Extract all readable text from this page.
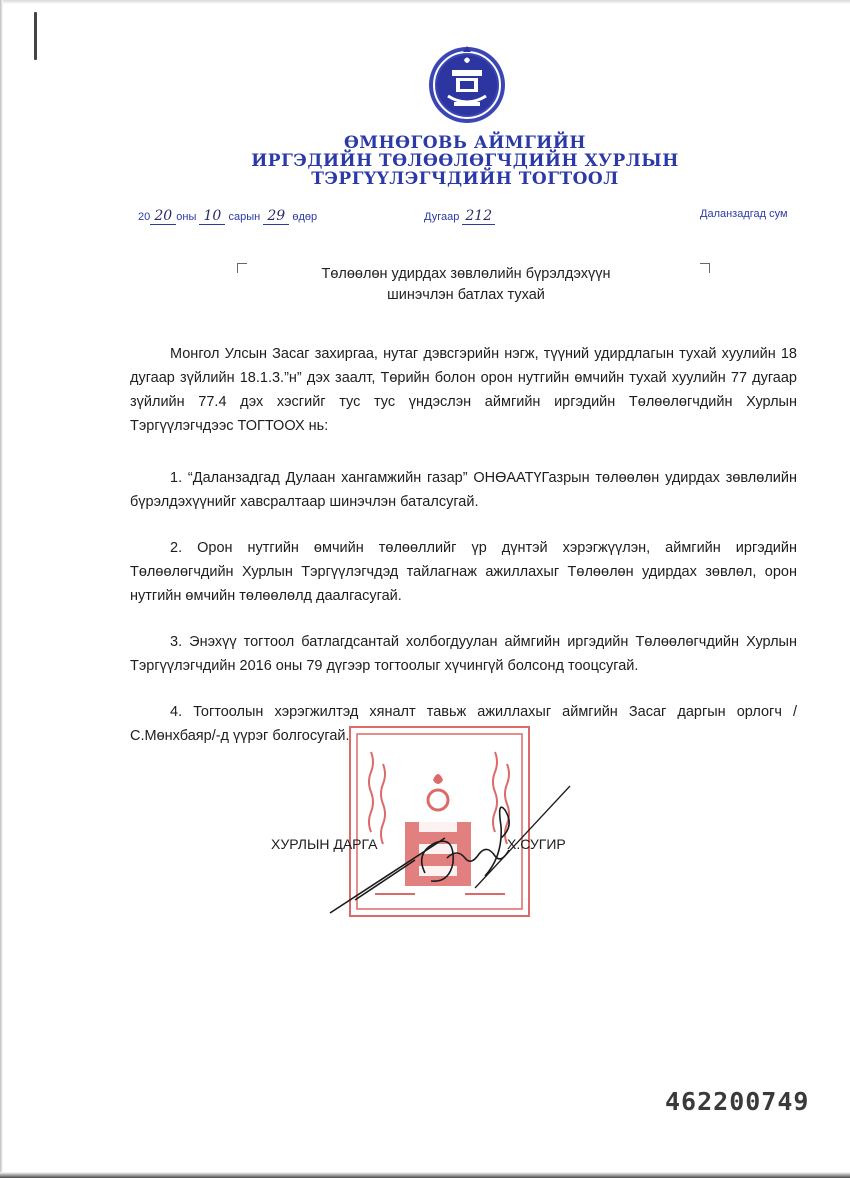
ӨМНӨГОВЬ АЙМГИЙН
ИРГЭДИЙН ТӨЛӨӨЛӨГЧДИЙН ХУРЛЫН
ТЭРГҮҮЛЭГЧДИЙН ТОГТООЛ
20 20 оны 10 сарын 29 өдөр	Дугаар 212	Даланзадгад сум
Төлөөлөн удирдах зөвлөлийн бүрэлдэхүүн
шинэчлэн батлах тухай
Монгол Улсын Засаг захиргаа, нутаг дэвсгэрийн нэгж, түүний удирдлагын тухай хуулийн 18 дугаар зүйлийн 18.1.3.”н” дэх заалт, Төрийн болон орон нутгийн өмчийн тухай хуулийн 77 дугаар зүйлийн 77.4 дэх хэсгийг тус тус үндэслэн аймгийн иргэдийн Төлөөлөгчдийн Хурлын Тэргүүлэгчдээс ТОГТООХ нь:
1. “Даланзадгад Дулаан хангамжийн газар” ОНӨААТҮГазрын төлөөлөн удирдах зөвлөлийн бүрэлдэхүүнийг хавсралтаар шинэчлэн баталсугай.
2. Орон нутгийн өмчийн төлөөллийг үр дүнтэй хэрэгжүүлэн, аймгийн иргэдийн Төлөөлөгчдийн Хурлын Тэргүүлэгчдэд тайлагнаж ажиллахыг Төлөөлөн удирдах зөвлөл, орон нутгийн өмчийн төлөөлөлд даалгасугай.
3. Энэхүү тогтоол батлагдсантай холбогдуулан аймгийн иргэдийн Төлөөлөгчдийн Хурлын Тэргүүлэгчдийн 2016 оны 79 дүгээр тогтоолыг хүчингүй болсонд тооцсугай.
4. Тогтоолын хэрэгжилтэд хяналт тавьж ажиллахыг аймгийн Засаг даргын орлогч /С.Мөнхбаяр/-д үүрэг болгосугай.
ХУРЛЫН ДАРГА	Х.СУГИР
462200749
